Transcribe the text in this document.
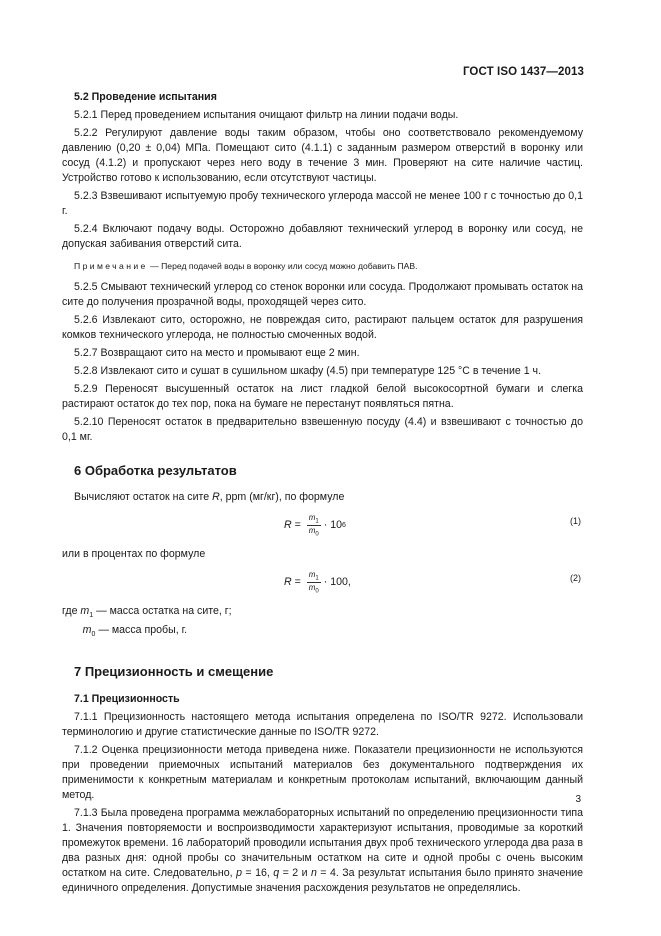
ГОСТ ISO 1437—2013
5.2 Проведение испытания

5.2.1 Перед проведением испытания очищают фильтр на линии подачи воды.

5.2.2 Регулируют давление воды таким образом, чтобы оно соответствовало рекомендуемому давлению (0,20 ± 0,04) МПа. Помещают сито (4.1.1) с заданным размером отверстий в воронку или сосуд (4.1.2) и пропускают через него воду в течение 3 мин. Проверяют на сите наличие частиц. Устройство готово к использованию, если отсутствуют частицы.

5.2.3 Взвешивают испытуемую пробу технического углерода массой не менее 100 г с точностью до 0,1 г.

5.2.4 Включают подачу воды. Осторожно добавляют технический углерод в воронку или сосуд, не допуская забивания отверстий сита.

Примечание — Перед подачей воды в воронку или сосуд можно добавить ПАВ.

5.2.5 Смывают технический углерод со стенок воронки или сосуда. Продолжают промывать остаток на сите до получения прозрачной воды, проходящей через сито.

5.2.6 Извлекают сито, осторожно, не повреждая сито, растирают пальцем остаток для разрушения комков технического углерода, не полностью смоченных водой.

5.2.7 Возвращают сито на место и промывают еще 2 мин.

5.2.8 Извлекают сито и сушат в сушильном шкафу (4.5) при температуре 125 °С в течение 1 ч.

5.2.9 Переносят высушенный остаток на лист гладкой белой высокосортной бумаги и слегка растирают остаток до тех пор, пока на бумаге не перестанут появляться пятна.

5.2.10 Переносят остаток в предварительно взвешенную посуду (4.4) и взвешивают с точностью до 0,1 мг.

6 Обработка результатов

Вычисляют остаток на сите R, ppm (мг/кг), по формуле

$R = \frac{m_1}{m_0} \cdot 10$ 6	(1)

или в процентах по формуле

$R = \frac{m_1}{m_0} \cdot 100$,	(2)
где $m_1$ — масса остатка на сите, г;
$m_0$ — масса пробы, г.
7 Прецизионность и смещение
7.1 Прецизионность

7.1.1 Прецизионность настоящего метода испытания определена по ISO/TR 9272. Использовали терминологию и другие статистические данные по ISO/TR 9272.

7.1.2 Оценка прецизионности метода приведена ниже. Показатели прецизионности не используются при проведении приемочных испытаний материалов без документального подтверждения их применимости к конкретным материалам и конкретным протоколам испытаний, включающим данный метод.

7.1.3 Была проведена программа межлабораторных испытаний по определению прецизионности типа 1. Значения повторяемости и воспроизводимости характеризуют испытания, проводимые за короткий промежуток времени. 16 лабораторий проводили испытания двух проб технического углерода два раза в два разных дня: одной пробы со значительным остатком на сите и одной пробы с очень высоким остатком на сите. Следовательно, p = 16, q = 2 и n = 4. За результат испытания было принято значение единичного определения. Допустимые значения расхождения результатов не определялись.

3
